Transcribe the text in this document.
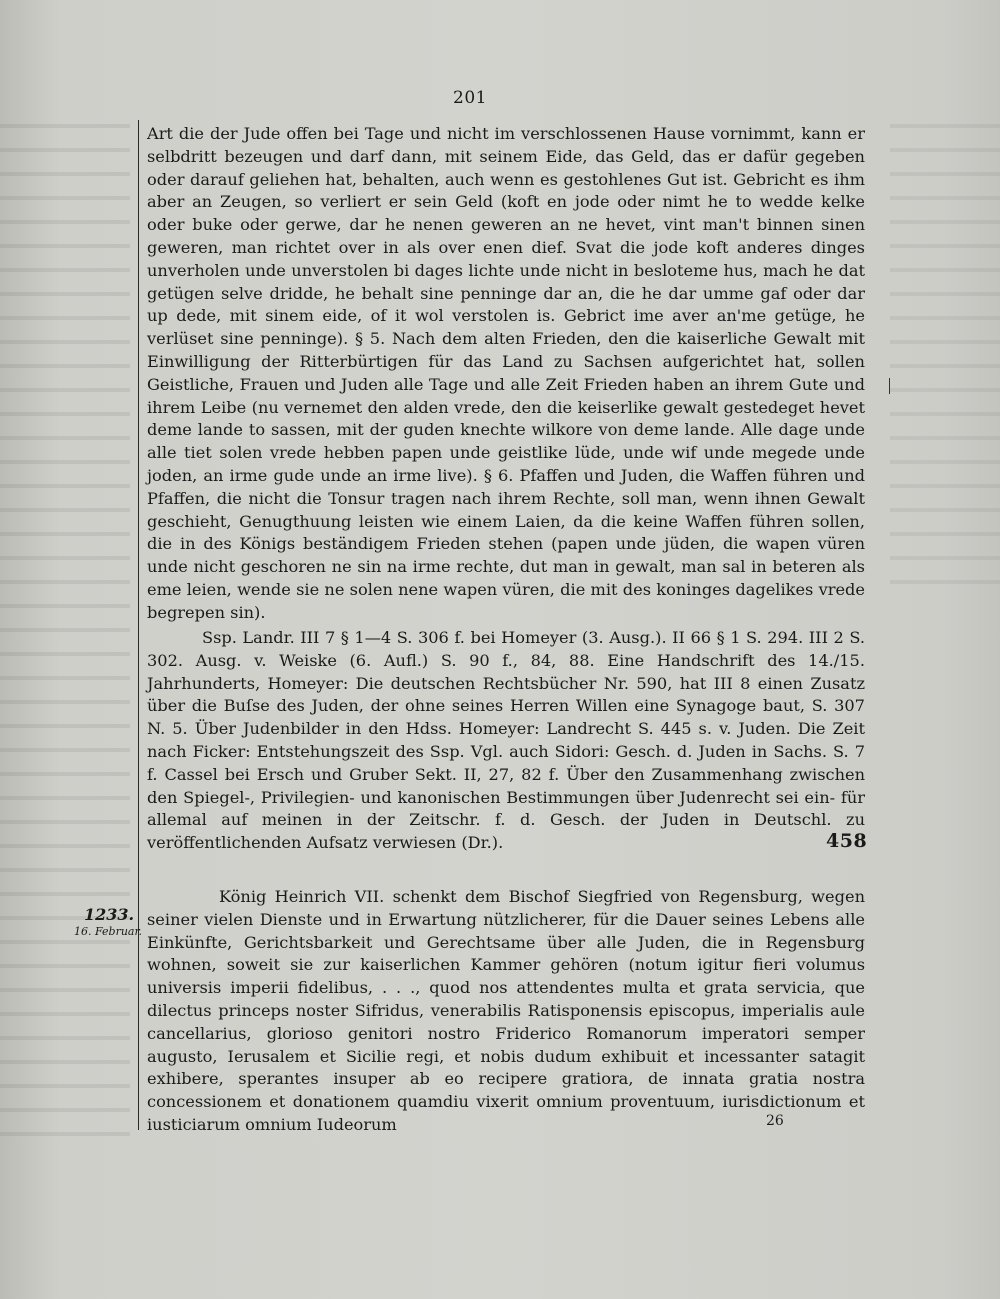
201
Art die der Jude offen bei Tage und nicht im verschlossenen Hause vornimmt, kann er selbdritt bezeugen und darf dann, mit seinem Eide, das Geld, das er dafür gegeben oder darauf geliehen hat, behalten, auch wenn es gestohlenes Gut ist. Gebricht es ihm aber an Zeugen, so verliert er sein Geld (koft en jode oder nimt he to wedde kelke oder buke oder gerwe, dar he nenen geweren an ne hevet, vint man't binnen sinen geweren, man richtet over in als over enen dief. Svat die jode koft anderes dinges unverholen unde unverstolen bi dages lichte unde nicht in besloteme hus, mach he dat getügen selve dridde, he behalt sine penninge dar an, die he dar umme gaf oder dar up dede, mit sinem eide, of it wol verstolen is. Gebrict ime aver an'me getüge, he verlüset sine penninge). § 5. Nach dem alten Frieden, den die kaiserliche Gewalt mit Einwilligung der Ritterbürtigen für das Land zu Sachsen aufgerichtet hat, sollen Geistliche, Frauen und Juden alle Tage und alle Zeit Frieden haben an ihrem Gute und ihrem Leibe (nu vernemet den alden vrede, den die keiserlike gewalt gestedeget hevet deme lande to sassen, mit der guden knechte wilkore von deme lande. Alle dage unde alle tiet solen vrede hebben papen unde geistlike lüde, unde wif unde megede unde joden, an irme gude unde an irme live). § 6. Pfaffen und Juden, die Waffen führen und Pfaffen, die nicht die Tonsur tragen nach ihrem Rechte, soll man, wenn ihnen Gewalt geschieht, Genugthuung leisten wie einem Laien, da die keine Waffen führen sollen, die in des Königs beständigem Frieden stehen (papen unde jüden, die wapen vüren unde nicht geschoren ne sin na irme rechte, dut man in gewalt, man sal in beteren als eme leien, wende sie ne solen nene wapen vüren, die mit des koninges dagelikes vrede begrepen sin).
Ssp. Landr. III 7 § 1—4 S. 306 f. bei Homeyer (3. Ausg.). II 66 § 1 S. 294. III 2 S. 302. Ausg. v. Weiske (6. Aufl.) S. 90 f., 84, 88. Eine Handschrift des 14./15. Jahrhunderts, Homeyer: Die deutschen Rechtsbücher Nr. 590, hat III 8 einen Zusatz über die Buſse des Juden, der ohne seines Herren Willen eine Synagoge baut, S. 307 N. 5. Über Judenbilder in den Hdss. Homeyer: Landrecht S. 445 s. v. Juden. Die Zeit nach Ficker: Entstehungszeit des Ssp. Vgl. auch Sidori: Gesch. d. Juden in Sachs. S. 7 f. Cassel bei Ersch und Gruber Sekt. II, 27, 82 f. Über den Zusammenhang zwischen den Spiegel-, Privilegien- und kanonischen Bestimmungen über Judenrecht sei ein- für allemal auf meinen in der Zeitschr. f. d. Gesch. der Juden in Deutschl. zu veröffentlichenden Aufsatz verwiesen (Dr.).	458
1233.
16. Februar.
König Heinrich VII. schenkt dem Bischof Siegfried von Regensburg, wegen seiner vielen Dienste und in Erwartung nützlicherer, für die Dauer seines Lebens alle Einkünfte, Gerichtsbarkeit und Gerechtsame über alle Juden, die in Regensburg wohnen, soweit sie zur kaiserlichen Kammer gehören (notum igitur fieri volumus universis imperii fidelibus, . . ., quod nos attendentes multa et grata servicia, que dilectus princeps noster Sifridus, venerabilis Ratisponensis episcopus, imperialis aule cancellarius, glorioso genitori nostro Friderico Romanorum imperatori semper augusto, Ierusalem et Sicilie regi, et nobis dudum exhibuit et incessanter satagit exhibere, sperantes insuper ab eo recipere gratiora, de innata gratia nostra concessionem et donationem quamdiu vixerit omnium proventuum, iurisdictionum et iusticiarum omnium Iudeorum	26
